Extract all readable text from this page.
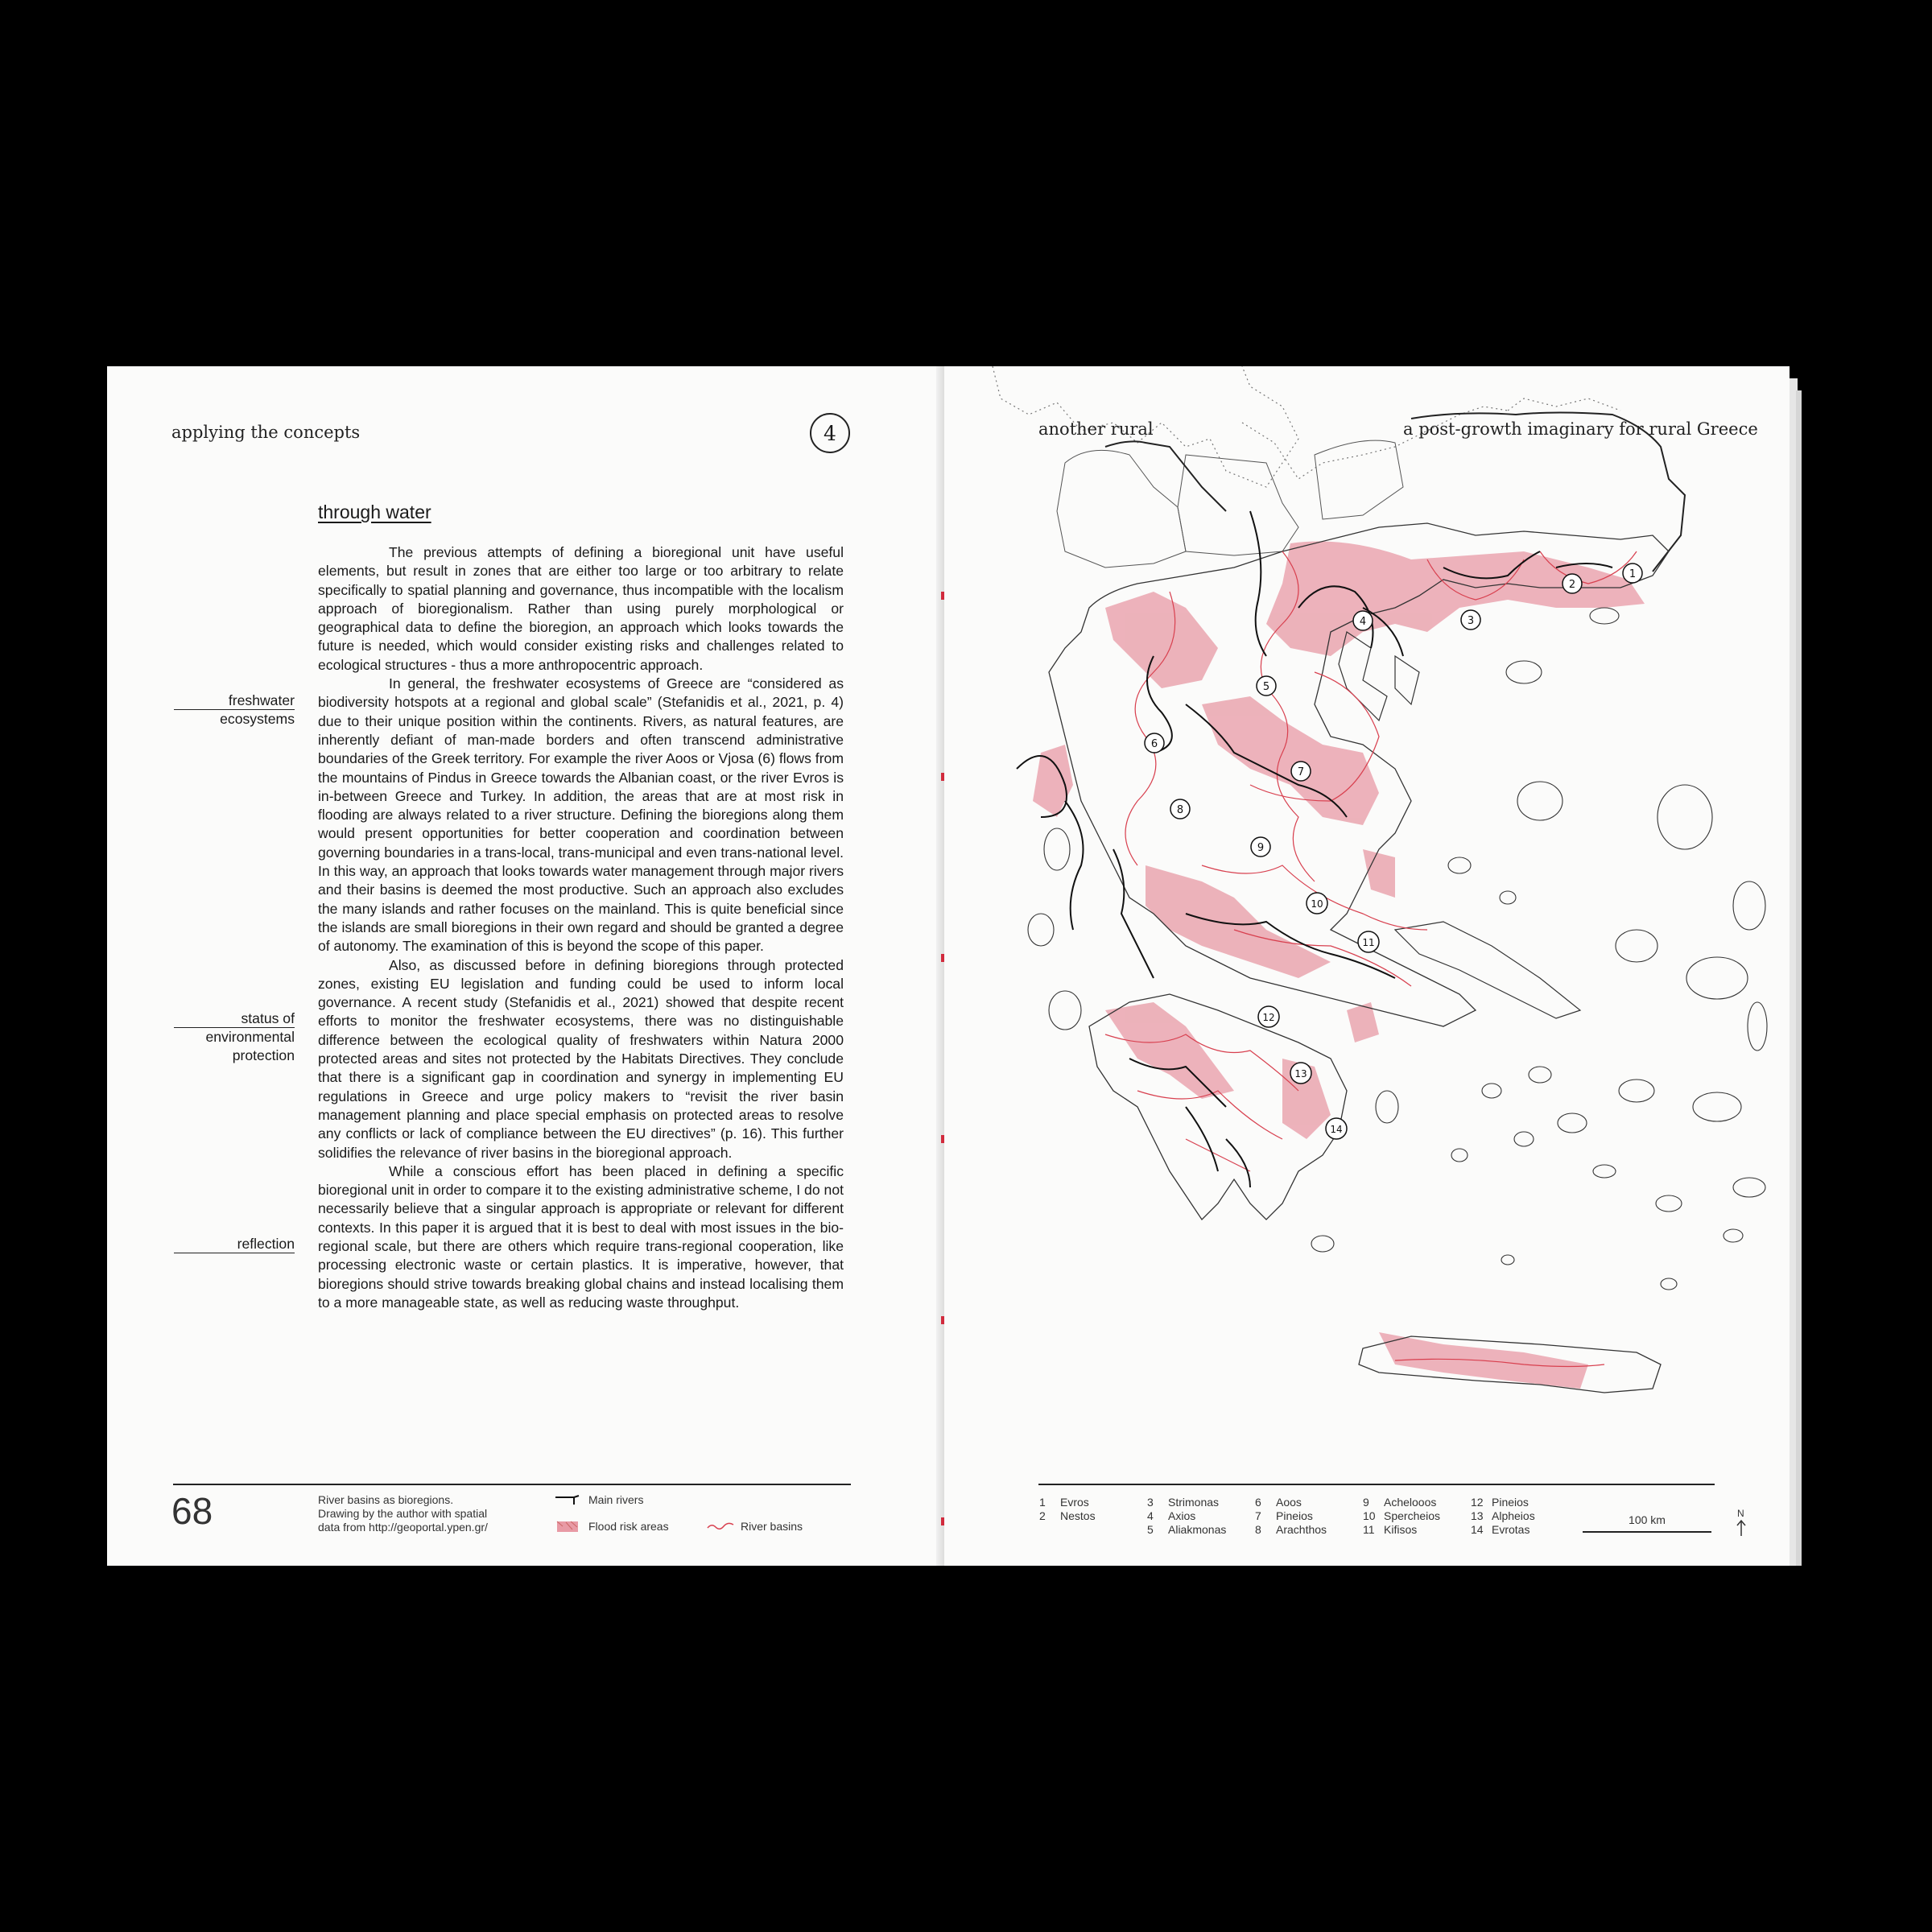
applying the concepts	4
through water

The previous attempts of defining a bioregional unit have useful elements, but result in zones that are either too large or too arbitrary to relate specifically to spatial planning and governance, thus incompatible with the localism approach of bioregionalism. Rather than using purely morphological or geographical data to define the bioregion, an approach which looks towards the future is needed, which would consider existing risks and challenges related to ecological structures - thus a more anthropocentric approach.

In general, the freshwater ecosystems of Greece are “considered as biodiversity hotspots at a regional and global scale” (Stefanidis et al., 2021, p. 4) due to their unique position within the continents. Rivers, as natural features, are inherently defiant of man-made borders and often transcend administrative boundaries of the Greek territory. For example the river Aoos or Vjosa (6) flows from the mountains of Pindus in Greece towards the Albanian coast, or the river Evros is in-between Greece and Turkey. In addition, the areas that are at most risk in flooding are always related to a river structure. Defining the bioregions along them would present opportunities for better cooperation and coordination between governing boundaries in a trans-local, trans-municipal and even trans-national level. In this way, an approach that looks towards water management through major rivers and their basins is deemed the most productive. Such an approach also excludes the many islands and rather focuses on the mainland. This is quite beneficial since the islands are small bioregions in their own regard and should be granted a degree of autonomy. The examination of this is beyond the scope of this paper.

Also, as discussed before in defining bioregions through protected zones, existing EU legislation and funding could be used to inform local governance. A recent study (Stefanidis et al., 2021) showed that despite recent efforts to monitor the freshwater ecosystems, there was no distinguishable difference between the ecological quality of freshwaters within Natura 2000 protected areas and sites not protected by the Habitats Directives. They conclude that there is a significant gap in coordination and synergy in implementing EU regulations in Greece and urge policy makers to “revisit the river basin management planning and place special emphasis on protected areas to resolve any conflicts or lack of compliance between the EU directives” (p. 16). This further solidifies the relevance of river basins in the bioregional approach.

While a conscious effort has been placed in defining a specific bioregional unit in order to compare it to the existing administrative scheme, I do not necessarily believe that a singular approach is appropriate or relevant for different contexts. In this paper it is argued that it is best to deal with most issues in the bio-regional scale, but there are others which require trans-regional cooperation, like processing electronic waste or certain plastics. It is imperative, however, that bioregions should strive towards breaking global chains and instead localising them to a more manageable state, as well as reducing waste throughput.

freshwater
ecosystems
status of
environmental protection
reflection
68	River basins as bioregions.
Drawing by the author with spatial
data from http://geoportal.ypen.gr/
Main rivers
Flood risk areas	River basins
1
2
3
4
5
6
7
8
9
10
11
12
13
14
another rural	a post-growth imaginary for rural Greece
1	Evros
2	Nestos
3	Strimonas
4	Axios
5	Aliakmonas
6	Aoos
7	Pineios
8	Arachthos
9	Achelooos
10 Spercheios
11 Kifisos
12 Pineios
13 Alpheios
14 Evrotas
100 km	N
